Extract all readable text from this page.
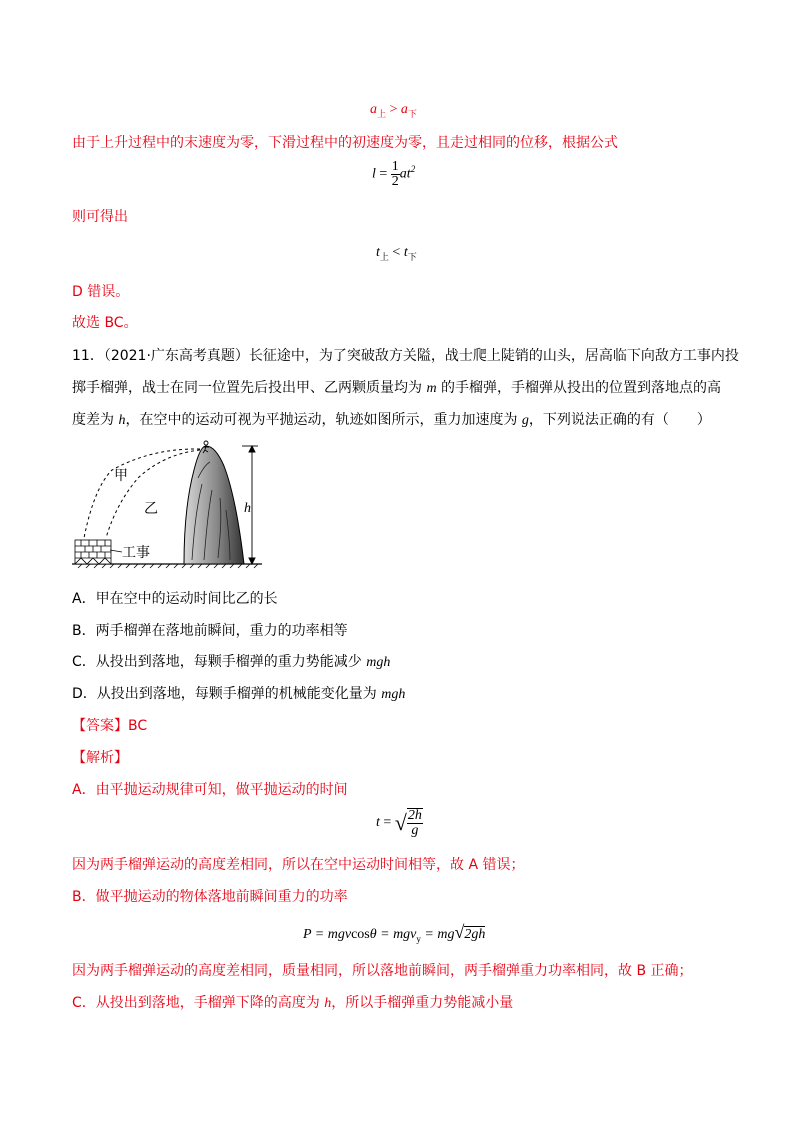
$a_上 > a_下$
由于上升过程中的末速度为零，下滑过程中的初速度为零，且走过相同的位移，根据公式
$l = \frac{1}{2} at^2$
则可得出
$t_上 < t_下$
D 错误。
故选 BC。
11．（2021·广东高考真题）长征途中，为了突破敌方关隘，战士爬上陡销的山头，居高临下向敌方工事内投
掷手榴弹，战士在同一位置先后投出甲、乙两颗质量均为 m 的手榴弹，手榴弹从投出的位置到落地点的高
度差为 h，在空中的运动可视为平抛运动，轨迹如图所示，重力加速度为 g，下列说法正确的有（　　）
甲
乙	h
工事
A．甲在空中的运动时间比乙的长
B．两手榴弹在落地前瞬间，重力的功率相等
C．从投出到落地，每颗手榴弹的重力势能减少 mgh
D．从投出到落地，每颗手榴弹的机械能变化量为 mgh
【答案】BC
【解析】
A．由平抛运动规律可知，做平抛运动的时间
t = √ $\frac{2h}{g}$
因为两手榴弹运动的高度差相同，所以在空中运动时间相等，故 A 错误；
B．做平抛运动的物体落地前瞬间重力的功率
P = mgvcosθ = mgv$_y$ = mg√2gh
因为两手榴弹运动的高度差相同，质量相同，所以落地前瞬间，两手榴弹重力功率相同，故 B 正确；
C．从投出到落地，手榴弹下降的高度为 h，所以手榴弹重力势能减小量
